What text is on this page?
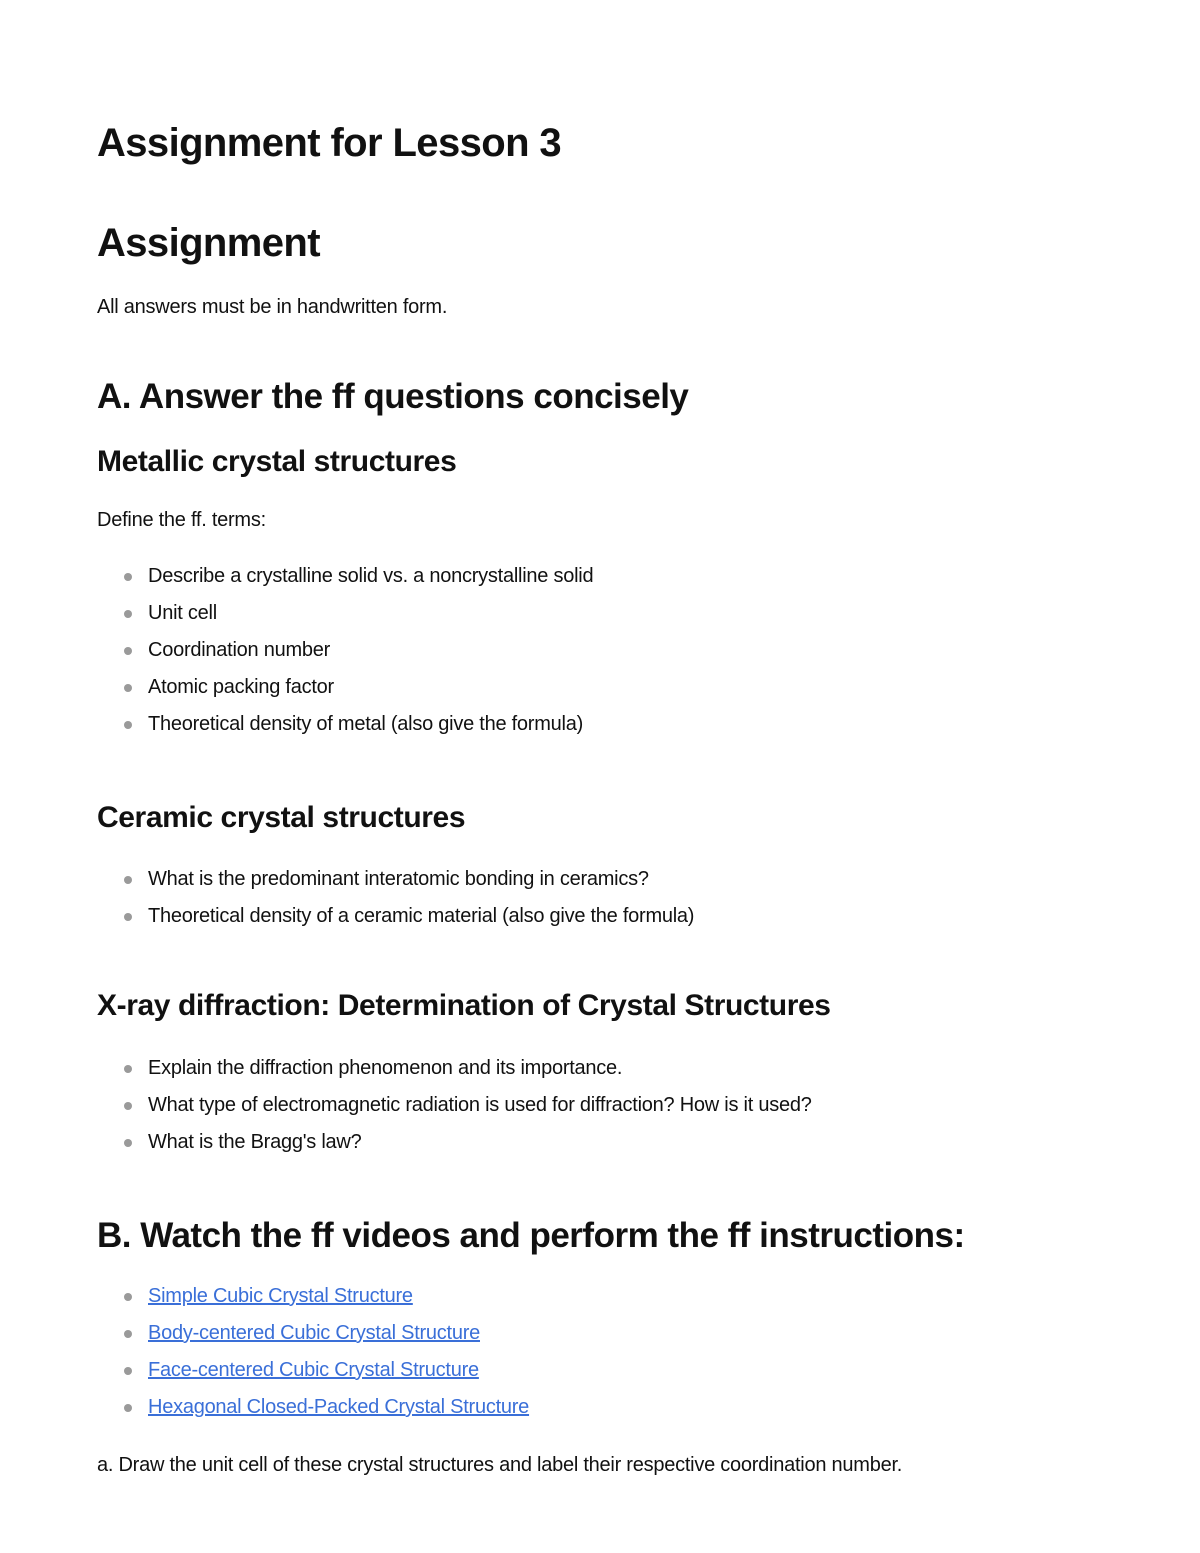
Assignment for Lesson 3
Assignment

All answers must be in handwritten form.

A. Answer the ff questions concisely
Metallic crystal structures

Define the ff. terms:

Describe a crystalline solid vs. a noncrystalline solid
Unit cell
Coordination number
Atomic packing factor
Theoretical density of metal (also give the formula)
Ceramic crystal structures
What is the predominant interatomic bonding in ceramics?
Theoretical density of a ceramic material (also give the formula)
X-ray diffraction: Determination of Crystal Structures
Explain the diffraction phenomenon and its importance.
What type of electromagnetic radiation is used for diffraction? How is it used?
What is the Bragg's law?
B. Watch the ff videos and perform the ff instructions:
Simple Cubic Crystal Structure
Body-centered Cubic Crystal Structure
Face-centered Cubic Crystal Structure
Hexagonal Closed-Packed Crystal Structure

a. Draw the unit cell of these crystal structures and label their respective coordination number.
